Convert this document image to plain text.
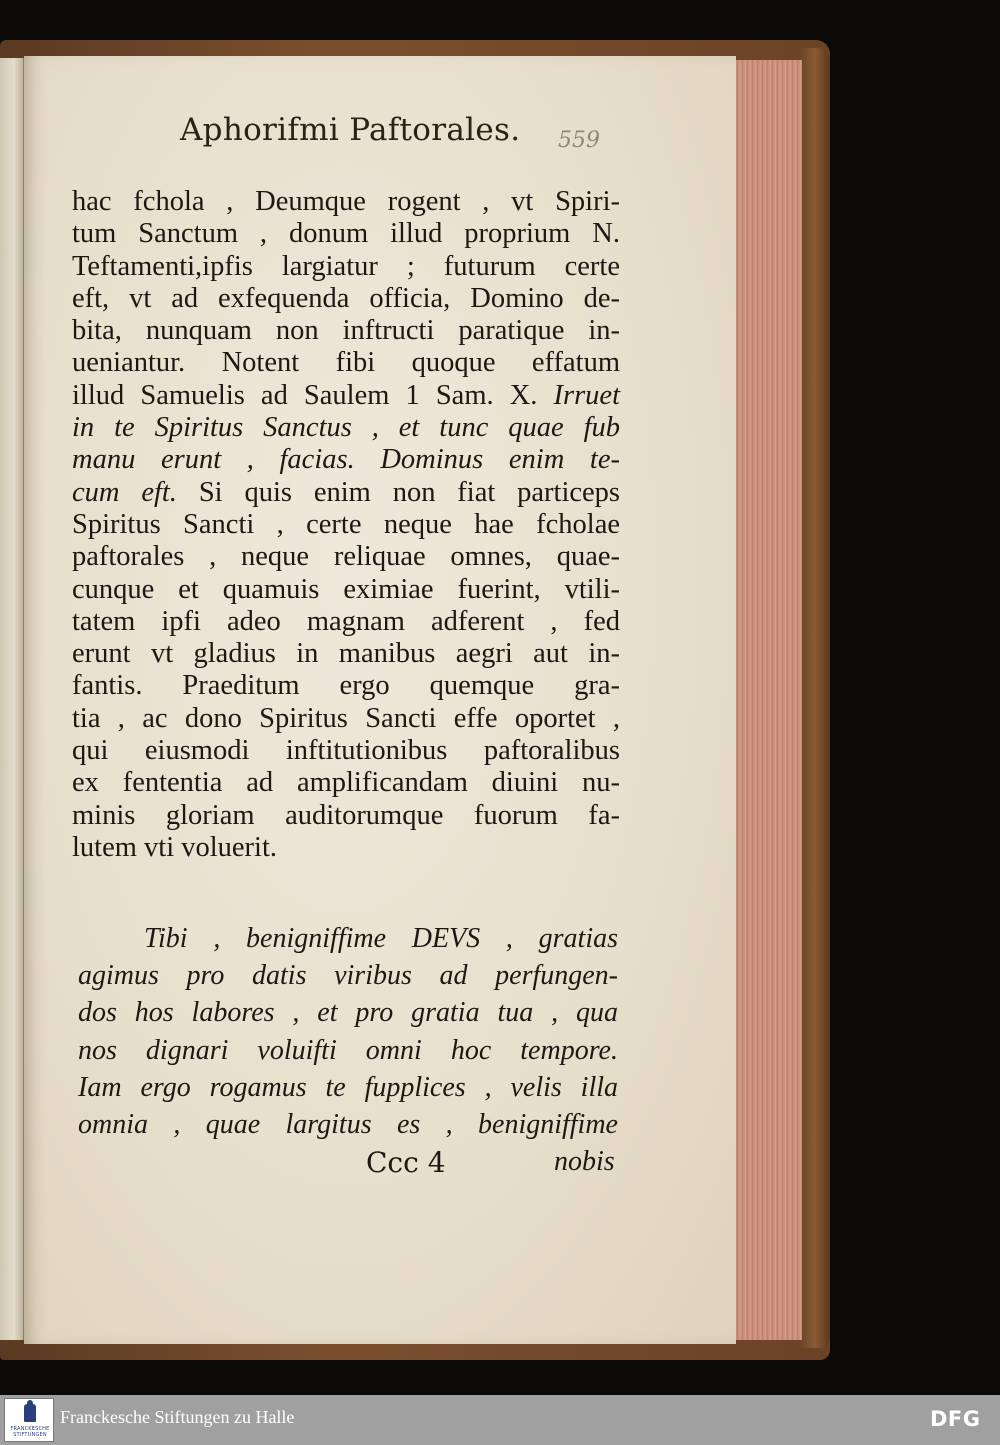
Aphorifmi Paftorales. 559
hac fchola , Deumque rogent , vt Spiri-
tum Sanctum , donum illud proprium N.
Teftamenti,ipfis largiatur ; futurum certe
eft, vt ad exfequenda officia, Domino de-
bita, nunquam non inftructi paratique in-
ueniantur. Notent fibi quoque effatum
illud Samuelis ad Saulem 1 Sam. X. Irruet
in te Spiritus Sanctus , et tunc quae fub
manu erunt , facias. Dominus enim te-
cum eft. Si quis enim non fiat particeps
Spiritus Sancti , certe neque hae fcholae
paftorales , neque reliquae omnes, quae-
cunque et quamuis eximiae fuerint, vtili-
tatem ipfi adeo magnam adferent , fed
erunt vt gladius in manibus aegri aut in-
fantis. Praeditum ergo quemque gra-
tia , ac dono Spiritus Sancti effe oportet ,
qui eiusmodi inftitutionibus paftoralibus
ex fententia ad amplificandam diuini nu-
minis gloriam auditorumque fuorum fa-
lutem vti voluerit.
Tibi , benigniffime DEVS , gratias
agimus pro datis viribus ad perfungen-
dos hos labores , et pro gratia tua , qua
nos dignari voluifti omni hoc tempore.
Iam ergo rogamus te fupplices , velis illa
omnia , quae largitus es , benigniffime
Ccc 4	nobis
FRANCKESCHE STIFTUNGEN
Franckesche Stiftungen zu Halle	DFG
